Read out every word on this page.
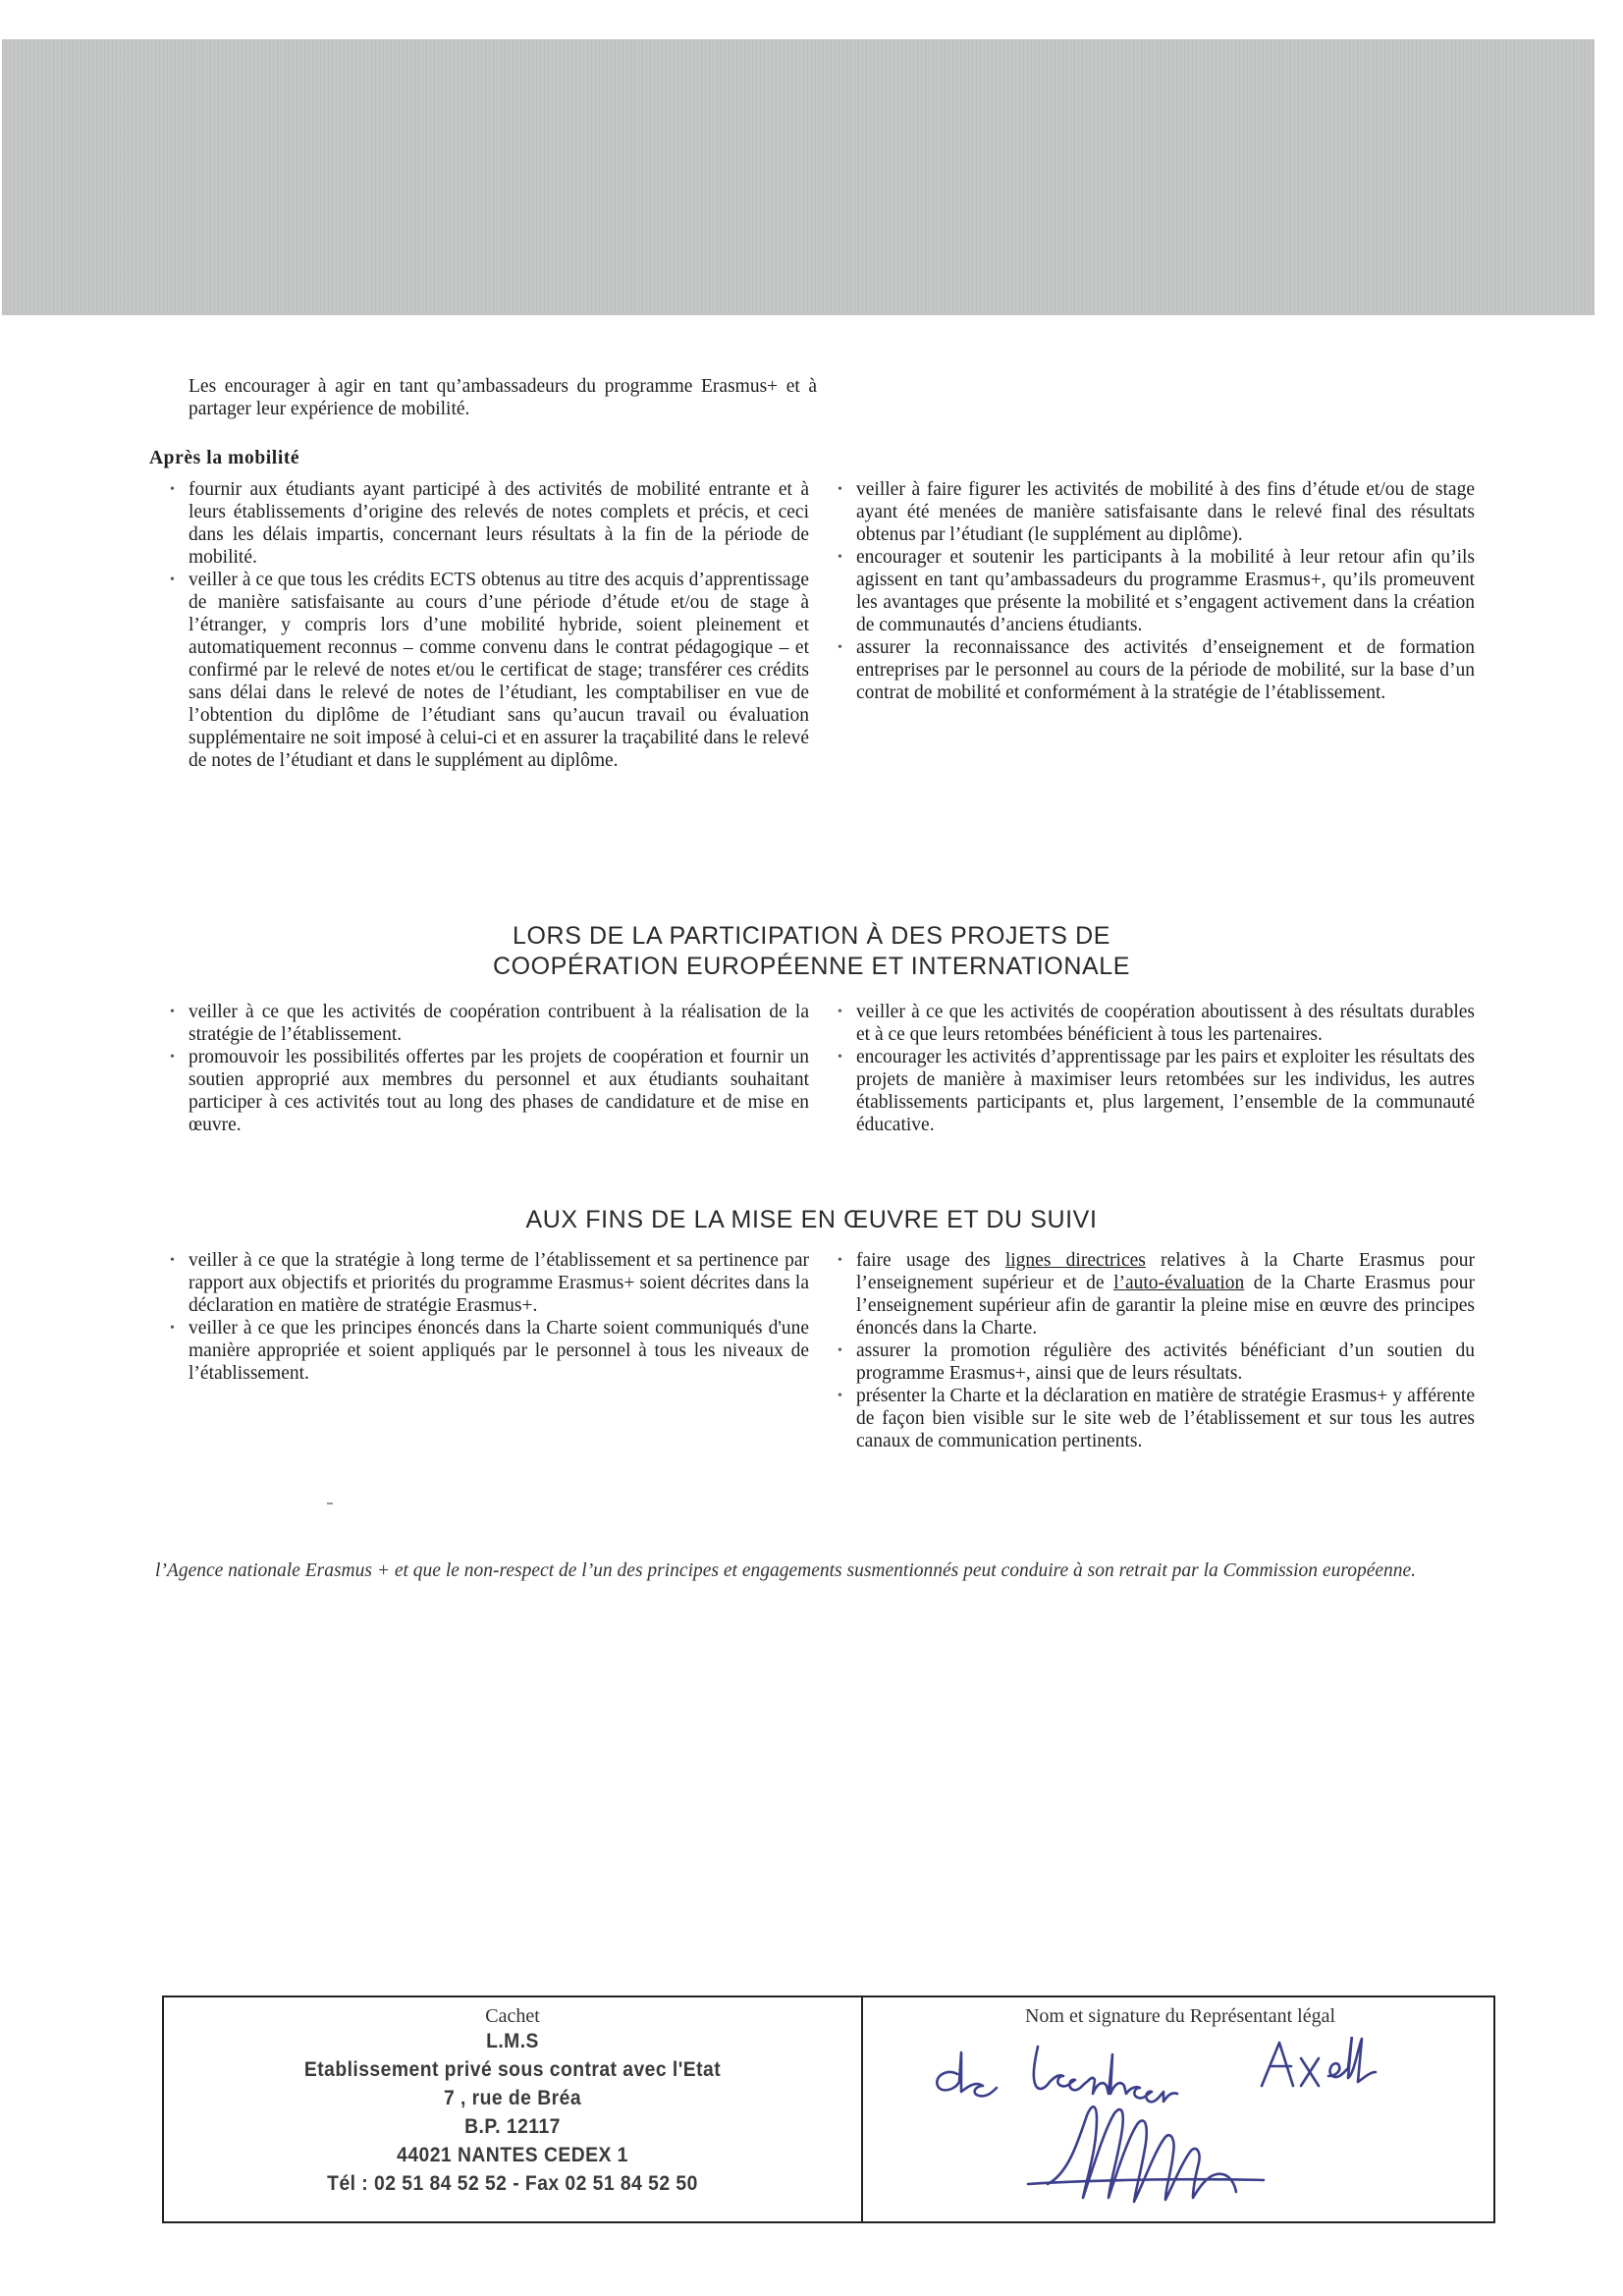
Les encourager à agir en tant qu’ambassadeurs du programme Erasmus+ et à partager leur expérience de mobilité.

Après la mobilité
• fournir aux étudiants ayant participé à des activités de mobilité entrante et à leurs établissements d’origine des relevés de notes complets et précis, et ceci dans les délais impartis, concernant leurs résultats à la fin de la période de mobilité.
• veiller à ce que tous les crédits ECTS obtenus au titre des acquis d’apprentissage de manière satisfaisante au cours d’une période d’étude et/ou de stage à l’étranger, y compris lors d’une mobilité hybride, soient pleinement et automatiquement reconnus – comme convenu dans le contrat pédagogique – et confirmé par le relevé de notes et/ou le certificat de stage; transférer ces crédits sans délai dans le relevé de notes de l’étudiant, les comptabiliser en vue de l’obtention du diplôme de l’étudiant sans qu’aucun travail ou évaluation supplémentaire ne soit imposé à celui-ci et en assurer la traçabilité dans le relevé de notes de l’étudiant et dans le supplément au diplôme.
• veiller à faire figurer les activités de mobilité à des fins d’étude et/ou de stage ayant été menées de manière satisfaisante dans le relevé final des résultats obtenus par l’étudiant (le supplément au diplôme).
• encourager et soutenir les participants à la mobilité à leur retour afin qu’ils agissent en tant qu’ambassadeurs du programme Erasmus+, qu’ils promeuvent les avantages que présente la mobilité et s’engagent activement dans la création de communautés d’anciens étudiants.
• assurer la reconnaissance des activités d’enseignement et de formation entreprises par le personnel au cours de la période de mobilité, sur la base d’un contrat de mobilité et conformément à la stratégie de l’établissement.
LORS DE LA PARTICIPATION À DES PROJETS DE
COOPÉRATION EUROPÉENNE ET INTERNATIONALE
• veiller à ce que les activités de coopération contribuent à la réalisation de la stratégie de l’établissement.
• promouvoir les possibilités offertes par les projets de coopération et fournir un soutien approprié aux membres du personnel et aux étudiants souhaitant participer à ces activités tout au long des phases de candidature et de mise en œuvre.
• veiller à ce que les activités de coopération aboutissent à des résultats durables et à ce que leurs retombées bénéficient à tous les partenaires.
• encourager les activités d’apprentissage par les pairs et exploiter les résultats des projets de manière à maximiser leurs retombées sur les individus, les autres établissements participants et, plus largement, l’ensemble de la communauté éducative.
AUX FINS DE LA MISE EN ŒUVRE ET DU SUIVI
• veiller à ce que la stratégie à long terme de l’établissement et sa pertinence par rapport aux objectifs et priorités du programme Erasmus+ soient décrites dans la déclaration en matière de stratégie Erasmus+.
• veiller à ce que les principes énoncés dans la Charte soient communiqués d'une manière appropriée et soient appliqués par le personnel à tous les niveaux de l’établissement.
• faire usage des lignes directrices relatives à la Charte Erasmus pour l’enseignement supérieur et de l’auto-évaluation de la Charte Erasmus pour l’enseignement supérieur afin de garantir la pleine mise en œuvre des principes énoncés dans la Charte.
• assurer la promotion régulière des activités bénéficiant d’un soutien du programme Erasmus+, ainsi que de leurs résultats.
• présenter la Charte et la déclaration en matière de stratégie Erasmus+ y afférente de façon bien visible sur le site web de l’établissement et sur tous les autres canaux de communication pertinents.

l’Agence nationale Erasmus + et que le non-respect de l’un des principes et engagements susmentionnés peut conduire à son retrait par la Commission européenne.

Cachet	Nom et signature du Représentant légal
L.M.S
Etablissement privé sous contrat avec l'Etat
7 , rue de Bréa
B.P. 12117
44021 NANTES CEDEX 1
Tél : 02 51 84 52 52 - Fax 02 51 84 52 50
